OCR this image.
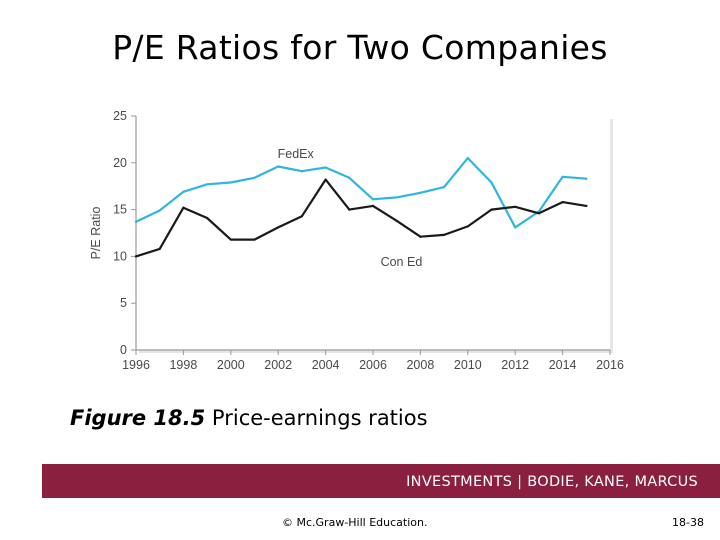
P/E Ratios for Two Companies
0
5
10
15
20
25
1996 1998 2000 2002 2004 2006 2008 2010 2012 2014 2016
P/E Ratio
FedEx
Con Ed
Figure 18.5 Price-earnings ratios
INVESTMENTS | BODIE, KANE, MARCUS
© Mc.Graw-Hill Education.	18-38
